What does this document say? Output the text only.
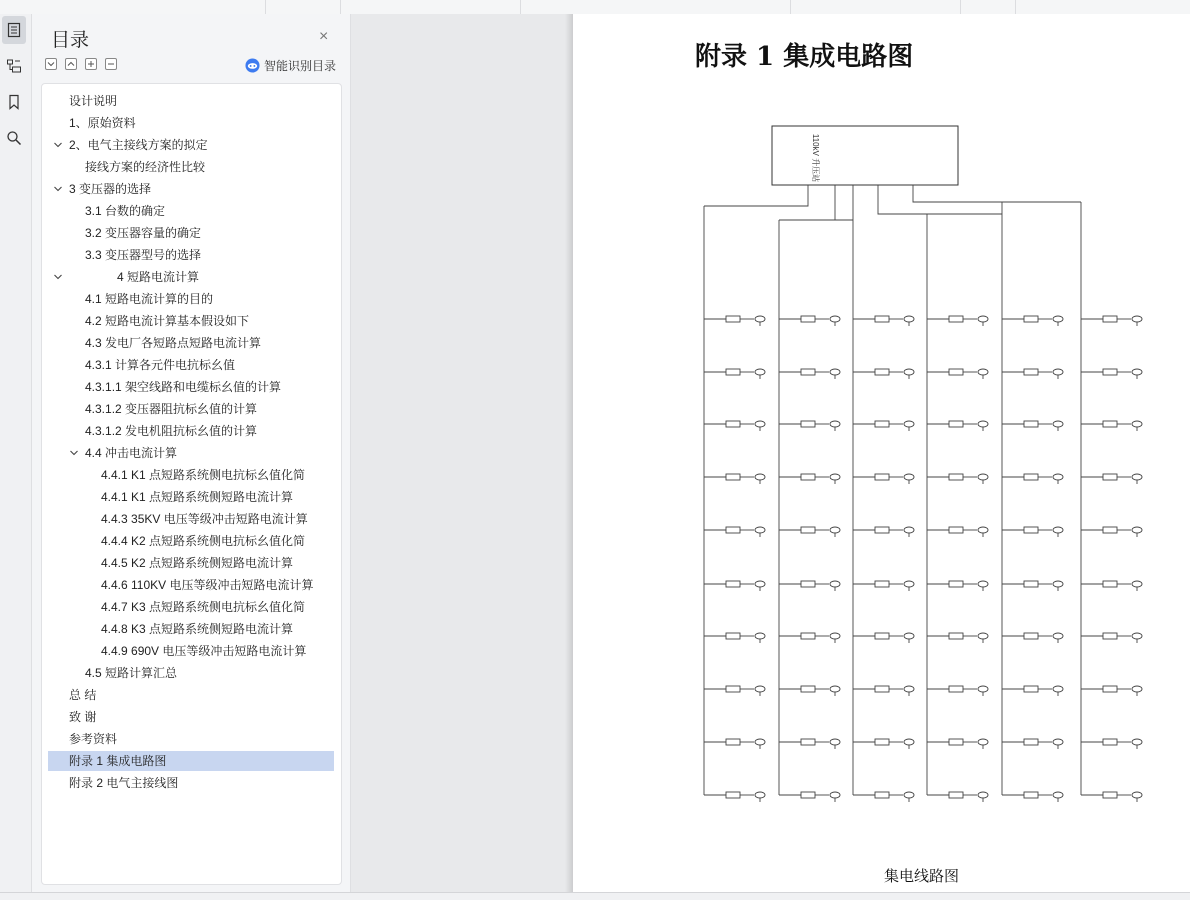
目录	×
智能识别目录
设计说明
1、原始资料
2、电气主接线方案的拟定
接线方案的经济性比较
3 变压器的选择
3.1 台数的确定
3.2 变压器容量的确定
3.3 变压器型号的选择
4 短路电流计算
4.1 短路电流计算的目的
4.2 短路电流计算基本假设如下
4.3 发电厂各短路点短路电流计算
4.3.1 计算各元件电抗标幺值
4.3.1.1 架空线路和电缆标幺值的计算
4.3.1.2 变压器阻抗标幺值的计算
4.3.1.2 发电机阻抗标幺值的计算
4.4 冲击电流计算
4.4.1 K1 点短路系统侧电抗标幺值化简
4.4.1 K1 点短路系统侧短路电流计算
4.4.3 35KV 电压等级冲击短路电流计算
4.4.4 K2 点短路系统侧电抗标幺值化简
4.4.5 K2 点短路系统侧短路电流计算
4.4.6 110KV 电压等级冲击短路电流计算
4.4.7 K3 点短路系统侧电抗标幺值化简
4.4.8 K3 点短路系统侧短路电流计算
4.4.9 690V 电压等级冲击短路电流计算
4.5 短路计算汇总
总 结
致 谢
参考资料
附录 1 集成电路图
附录 2 电气主接线图
附录 1 集成电路图
110kV 升压站
集电线路图
